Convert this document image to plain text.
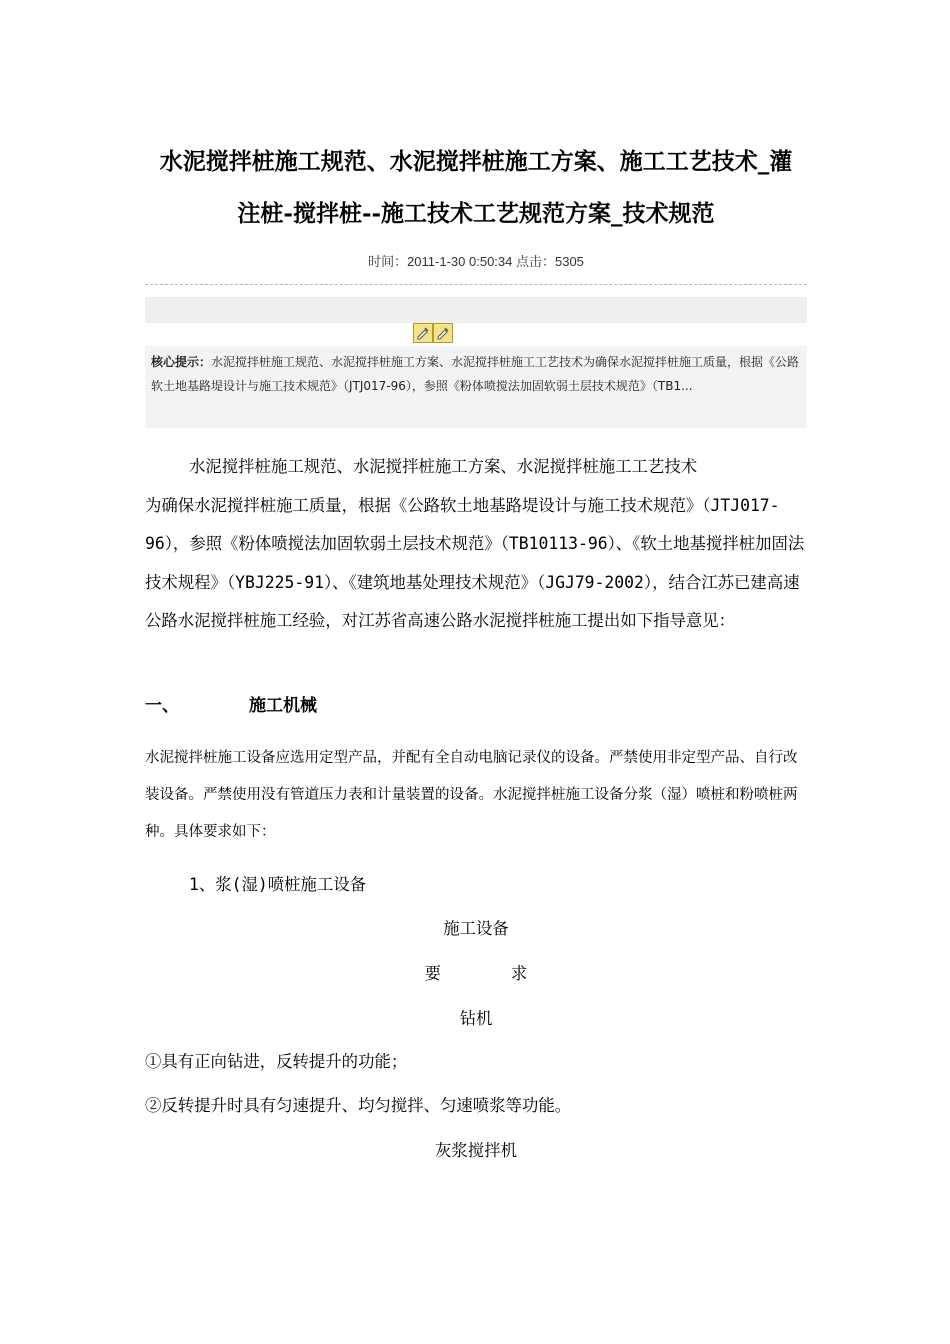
水泥搅拌桩施工规范、水泥搅拌桩施工方案、施工工艺技术_灌
注桩-搅拌桩--施工技术工艺规范方案_技术规范
时间：2011-1-30 0:50:34 点击：5305
核心提示：水泥搅拌桩施工规范、水泥搅拌桩施工方案、水泥搅拌桩施工工艺技术为确保水泥搅拌桩施工质量，根据《公路软土地基路堤设计与施工技术规范》（JTJ017-96），参照《粉体喷搅法加固软弱土层技术规范》（TB1...
水泥搅拌桩施工规范、水泥搅拌桩施工方案、水泥搅拌桩施工工艺技术
为确保水泥搅拌桩施工质量，根据《公路软土地基路堤设计与施工技术规范》（JTJ017-96），参照《粉体喷搅法加固软弱土层技术规范》（TB10113-96）、《软土地基搅拌桩加固法技术规程》（YBJ225-91）、《建筑地基处理技术规范》（JGJ79-2002），结合江苏已建高速公路水泥搅拌桩施工经验，对江苏省高速公路水泥搅拌桩施工提出如下指导意见：
一、	施工机械

水泥搅拌桩施工设备应选用定型产品，并配有全自动电脑记录仪的设备。严禁使用非定型产品、自行改装设备。严禁使用没有管道压力表和计量装置的设备。水泥搅拌桩施工设备分浆（湿）喷桩和粉喷桩两种。具体要求如下：

1、浆(湿)喷桩施工设备
施工设备
要 求
钻机
①具有正向钻进，反转提升的功能；
②反转提升时具有匀速提升、均匀搅拌、匀速喷浆等功能。
灰浆搅拌机
